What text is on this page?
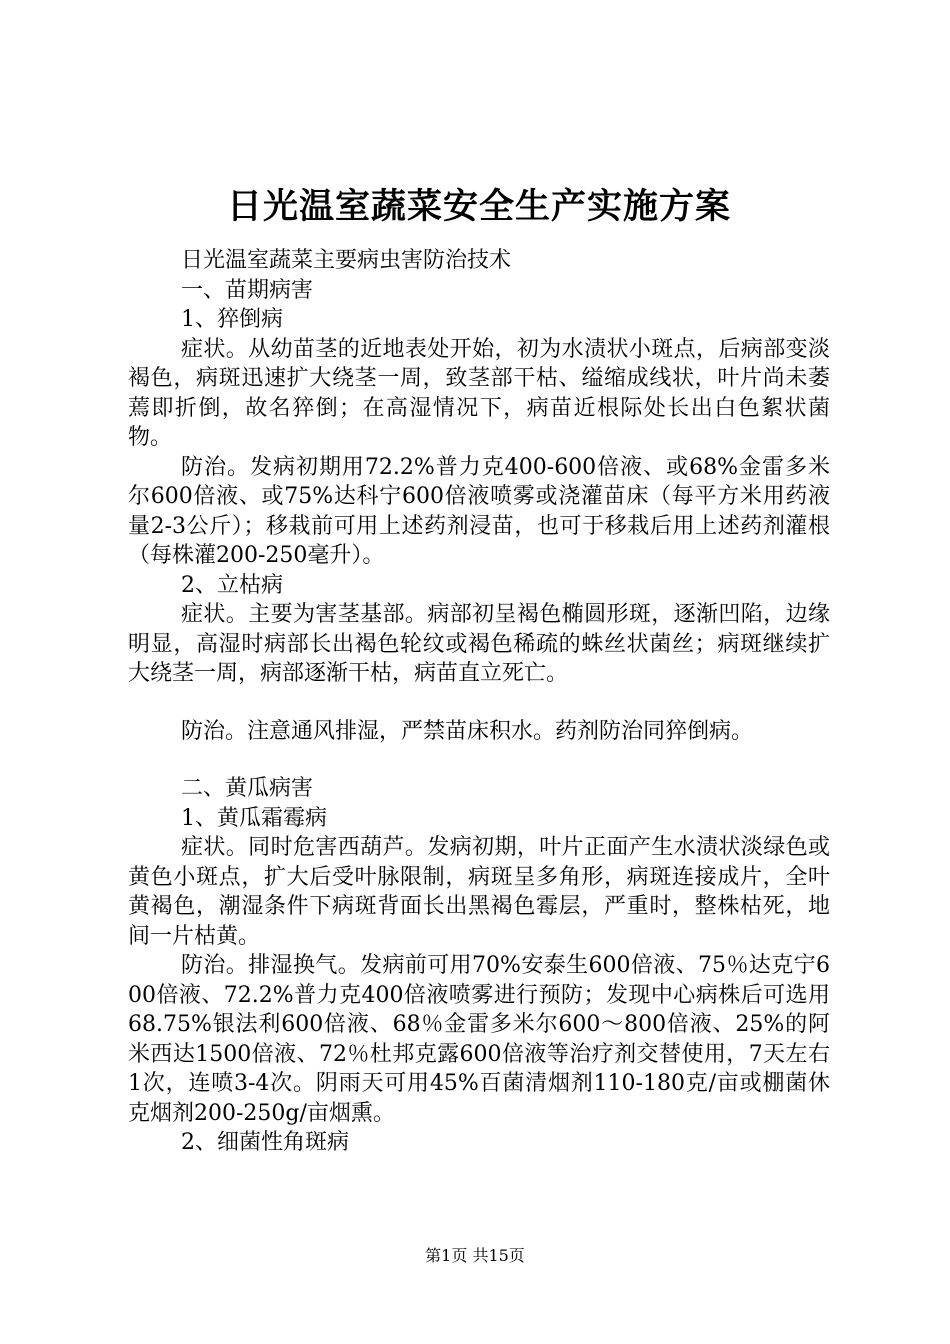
日光温室蔬菜安全生产实施方案

日光温室蔬菜主要病虫害防治技术

一、苗期病害

1、猝倒病

症状。从幼苗茎的近地表处开始，初为水渍状小斑点，后病部变淡褐色，病斑迅速扩大绕茎一周，致茎部干枯、缢缩成线状，叶片尚未萎蔫即折倒，故名猝倒；在高湿情况下，病苗近根际处长出白色絮状菌物。

防治。发病初期用72.2%普力克400-600倍液、或68%金雷多米尔600倍液、或75%达科宁600倍液喷雾或浇灌苗床（每平方米用药液量2-3公斤）；移栽前可用上述药剂浸苗，也可于移栽后用上述药剂灌根（每株灌200-250毫升）。

2、立枯病

症状。主要为害茎基部。病部初呈褐色椭圆形斑，逐渐凹陷，边缘明显，高湿时病部长出褐色轮纹或褐色稀疏的蛛丝状菌丝；病斑继续扩大绕茎一周，病部逐渐干枯，病苗直立死亡。

防治。注意通风排湿，严禁苗床积水。药剂防治同猝倒病。

二、黄瓜病害

1、黄瓜霜霉病

症状。同时危害西葫芦。发病初期，叶片正面产生水渍状淡绿色或黄色小斑点，扩大后受叶脉限制，病斑呈多角形，病斑连接成片，全叶黄褐色，潮湿条件下病斑背面长出黑褐色霉层，严重时，整株枯死，地间一片枯黄。

防治。排湿换气。发病前可用70%安泰生600倍液、75％达克宁600倍液、72.2%普力克400倍液喷雾进行预防；发现中心病株后可选用68.75%银法利600倍液、68％金雷多米尔600～800倍液、25%的阿米西达1500倍液、72％杜邦克露600倍液等治疗剂交替使用，7天左右1次，连喷3-4次。阴雨天可用45%百菌清烟剂110-180克/亩或棚菌休克烟剂200-250g/亩烟熏。

2、细菌性角斑病

第1页 共15页
